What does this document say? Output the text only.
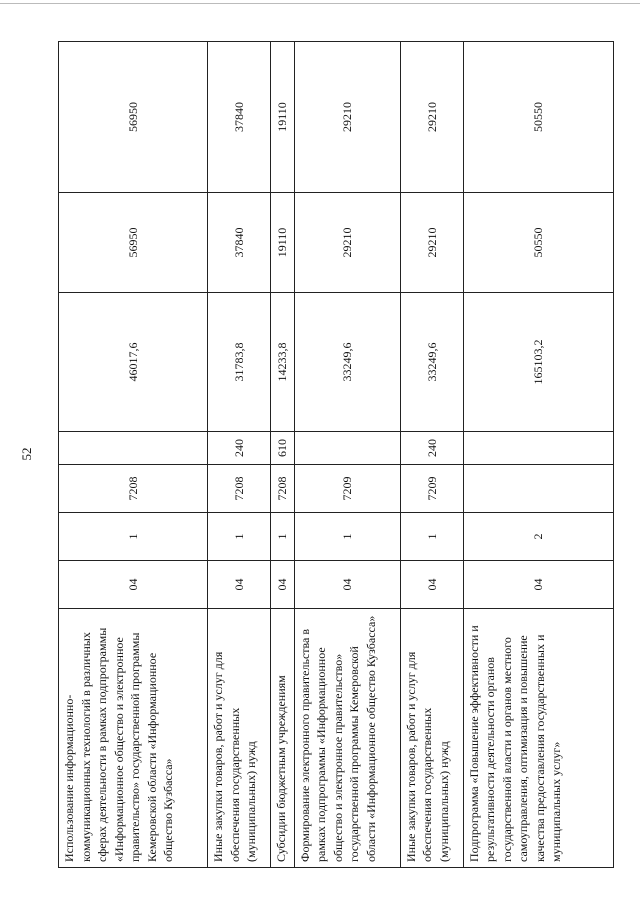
52
Использование информационно-коммуникационных технологий в различных сферах деятельности в рамках подпрограммы «Информационное общество и электронное правительство» государственной программы Кемеровской области «Информационное общество Кузбасса»	04	1	7208		46017,6	56950	56950
Иные закупки товаров, работ и услуг для обеспечения государственных (муниципальных) нужд	04	1	7208	240	31783,8	37840	37840
Субсидии бюджетным учреждениям	04	1	7208	610	14233,8	19110	19110
Формирование электронного правительства в рамках подпрограммы «Информационное общество и электронное правительство» государственной программы Кемеровской области «Информационное общество Кузбасса»	04	1	7209		33249,6	29210	29210
Иные закупки товаров, работ и услуг для обеспечения государственных (муниципальных) нужд	04	1	7209	240	33249,6	29210	29210
Подпрограмма «Повышение эффективности и результативности деятельности органов государственной власти и органов местного самоуправления, оптимизация и повышение качества предоставления государственных и муниципальных услуг»	04	2			165103,2	50550	50550
